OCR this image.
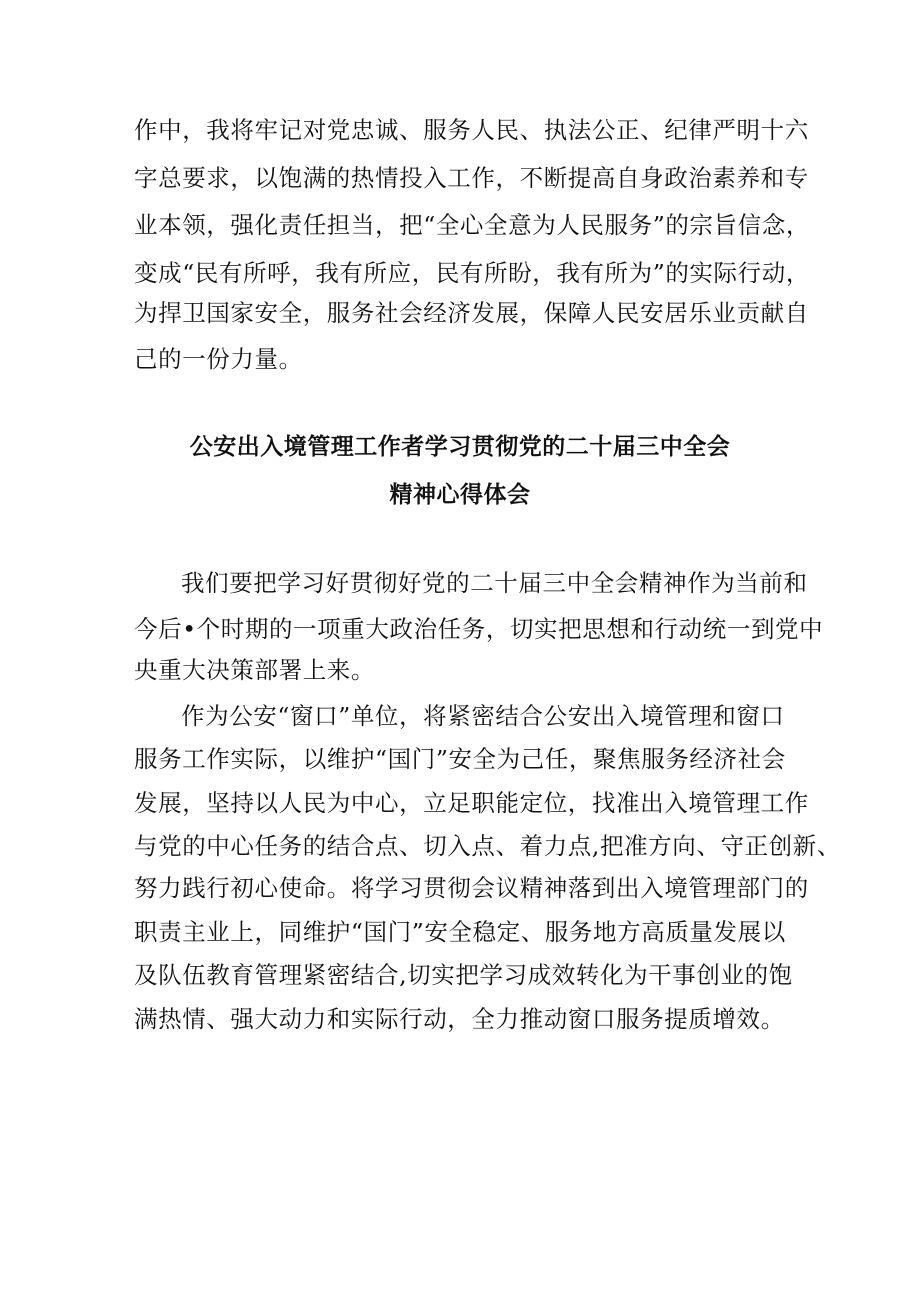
作中，我将牢记对党忠诚、服务人民、执法公正、纪律严明十六
字总要求，以饱满的热情投入工作，不断提高自身政治素养和专
业本领，强化责任担当，把“全心全意为人民服务”的宗旨信念，
变成“民有所呼，我有所应，民有所盼，我有所为”的实际行动，
为捍卫国家安全，服务社会经济发展，保障人民安居乐业贡献自
己的一份力量。
公安出入境管理工作者学习贯彻党的二十届三中全会
精神心得体会
我们要把学习好贯彻好党的二十届三中全会精神作为当前和
今后•个时期的一项重大政治任务，切实把思想和行动统一到党中
央重大决策部署上来。
作为公安“窗口”单位，将紧密结合公安出入境管理和窗口
服务工作实际，以维护“国门”安全为己任，聚焦服务经济社会
发展，坚持以人民为中心，立足职能定位，找准出入境管理工作
与党的中心任务的结合点、切入点、着力点,把准方向、守正创新、
努力践行初心使命。将学习贯彻会议精神落到出入境管理部门的
职责主业上，同维护“国门”安全稳定、服务地方高质量发展以
及队伍教育管理紧密结合,切实把学习成效转化为干事创业的饱
满热情、强大动力和实际行动，全力推动窗口服务提质增效。
